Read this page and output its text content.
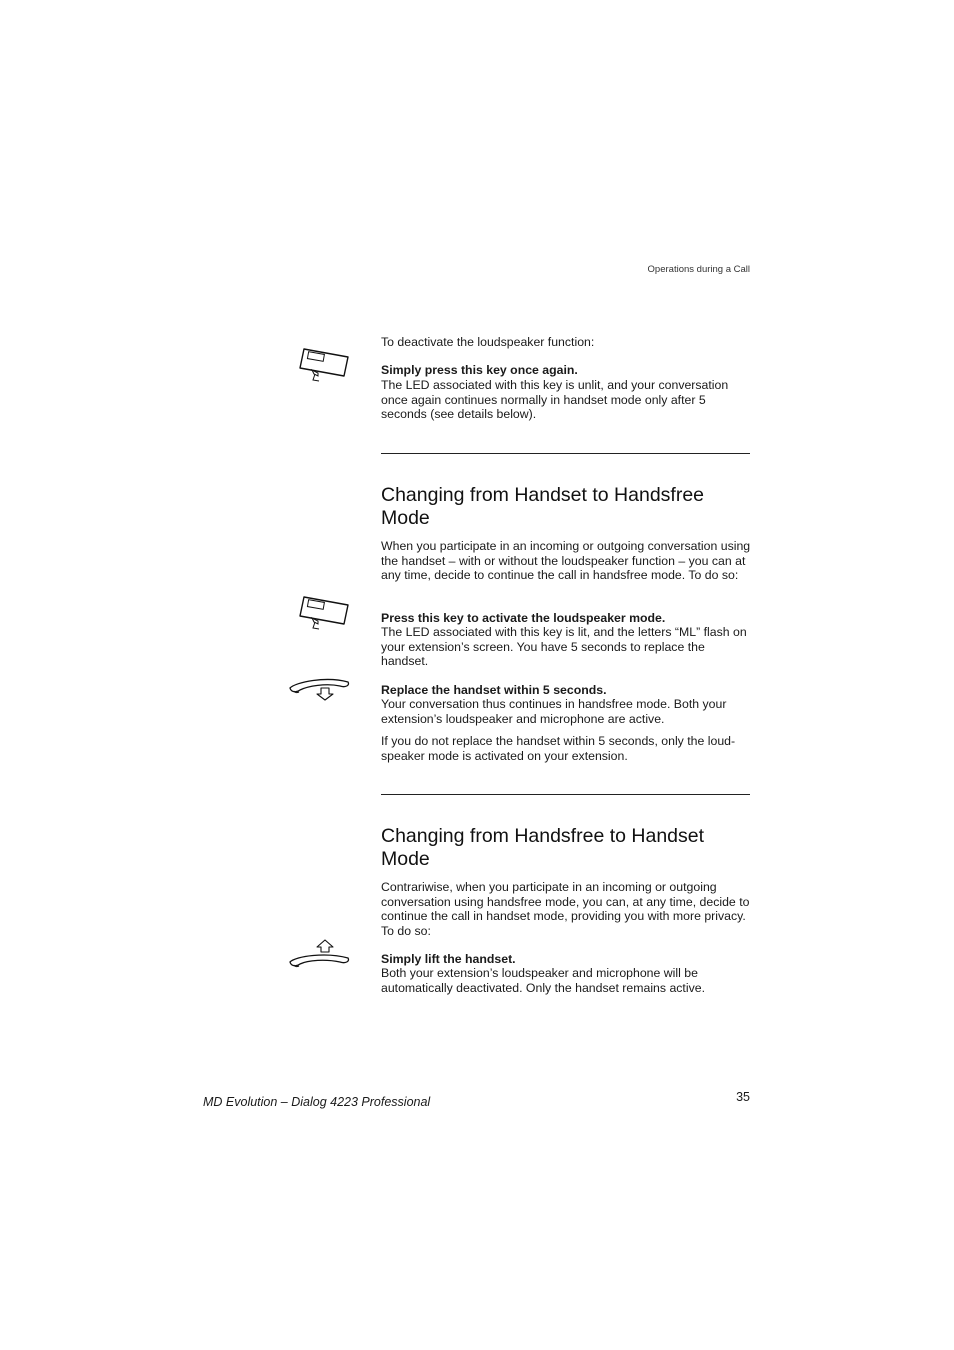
Operations during a Call

To deactivate the loudspeaker function:

Simply press this key once again.

The LED associated with this key is unlit, and your conversation once again continues normally in handset mode only after 5 seconds (see details below).

Changing from Handset to Handsfree Mode

When you participate in an incoming or outgoing conversation using the handset – with or without the loudspeaker function – you can at any time, decide to continue the call in handsfree mode. To do so:

Press this key to activate the loudspeaker mode.

The LED associated with this key is lit, and the letters “ML” flash on your extension’s screen. You have 5 seconds to replace the handset.

Replace the handset within 5 seconds.

Your conversation thus continues in handsfree mode. Both your extension’s loudspeaker and microphone are active.

If you do not replace the handset within 5 seconds, only the loud-speaker mode is activated on your extension.

Changing from Handsfree to Handset Mode

Contrariwise, when you participate in an incoming or outgoing conversation using handsfree mode, you can, at any time, decide to continue the call in handset mode, providing you with more privacy. To do so:

Simply lift the handset.

Both your extension’s loudspeaker and microphone will be automatically deactivated. Only the handset remains active.

MD Evolution – Dialog 4223 Professional	35
